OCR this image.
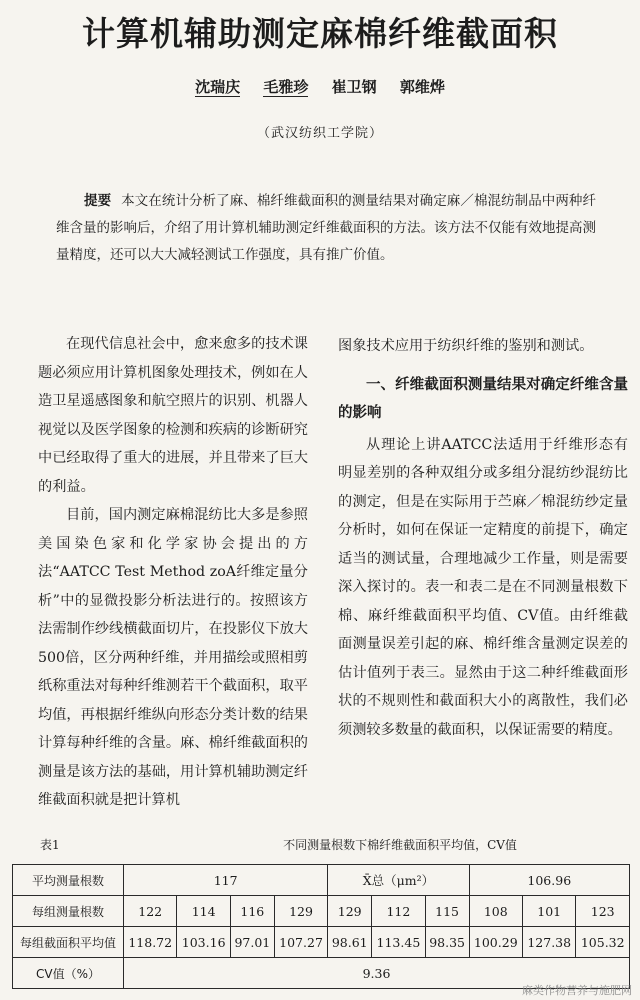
计算机辅助测定麻棉纤维截面积
沈瑞庆 毛雅珍 崔卫钢 郭维烨
（武汉纺织工学院）
提要 本文在统计分析了麻、棉纤维截面积的测量结果对确定麻／棉混纺制品中两种纤维含量的影响后，介绍了用计算机辅助测定纤维截面积的方法。该方法不仅能有效地提高测量精度，还可以大大减轻测试工作强度，具有推广价值。

在现代信息社会中，愈来愈多的技术课题必须应用计算机图象处理技术，例如在人造卫星遥感图象和航空照片的识别、机器人视觉以及医学图象的检测和疾病的诊断研究中已经取得了重大的进展，并且带来了巨大的利益。

目前，国内测定麻棉混纺比大多是参照美国染色家和化学家协会提出的方法“AATCC Test Method zoA纤维定量分析”中的显微投影分析法进行的。按照该方法需制作纱线横截面切片，在投影仪下放大500倍，区分两种纤维，并用描绘或照相剪纸称重法对每种纤维测若干个截面积，取平均值，再根据纤维纵向形态分类计数的结果计算每种纤维的含量。麻、棉纤维截面积的测量是该方法的基础，用计算机辅助测定纤维截面积就是把计算机

图象技术应用于纺织纤维的鉴别和测试。

一、纤维截面积测量结果对确定纤维含量的影响

从理论上讲AATCC法适用于纤维形态有明显差别的各种双组分或多组分混纺纱混纺比的测定，但是在实际用于苎麻／棉混纺纱定量分析时，如何在保证一定精度的前提下，确定适当的测试量，合理地减少工作量，则是需要深入探讨的。表一和表二是在不同测量根数下棉、麻纤维截面积平均值、CV值。由纤维截面测量误差引起的麻、棉纤维含量测定误差的估计值列于表三。显然由于这二种纤维截面形状的不规则性和截面积大小的离散性，我们必须测较多数量的截面积，以保证需要的精度。

表1	不同测量根数下棉纤维截面积平均值，CV值
平均测量根数	117				X̄总（μm²）			106.96		
每组测量根数	122	114	116	129	129	112	115	108	101	123
每组截面积平均值	118.72	103.16	97.01	107.27	98.61	113.45	98.35	100.29	127.38	105.32
CV值（%）	9.36									
麻类作物营养与施肥网
